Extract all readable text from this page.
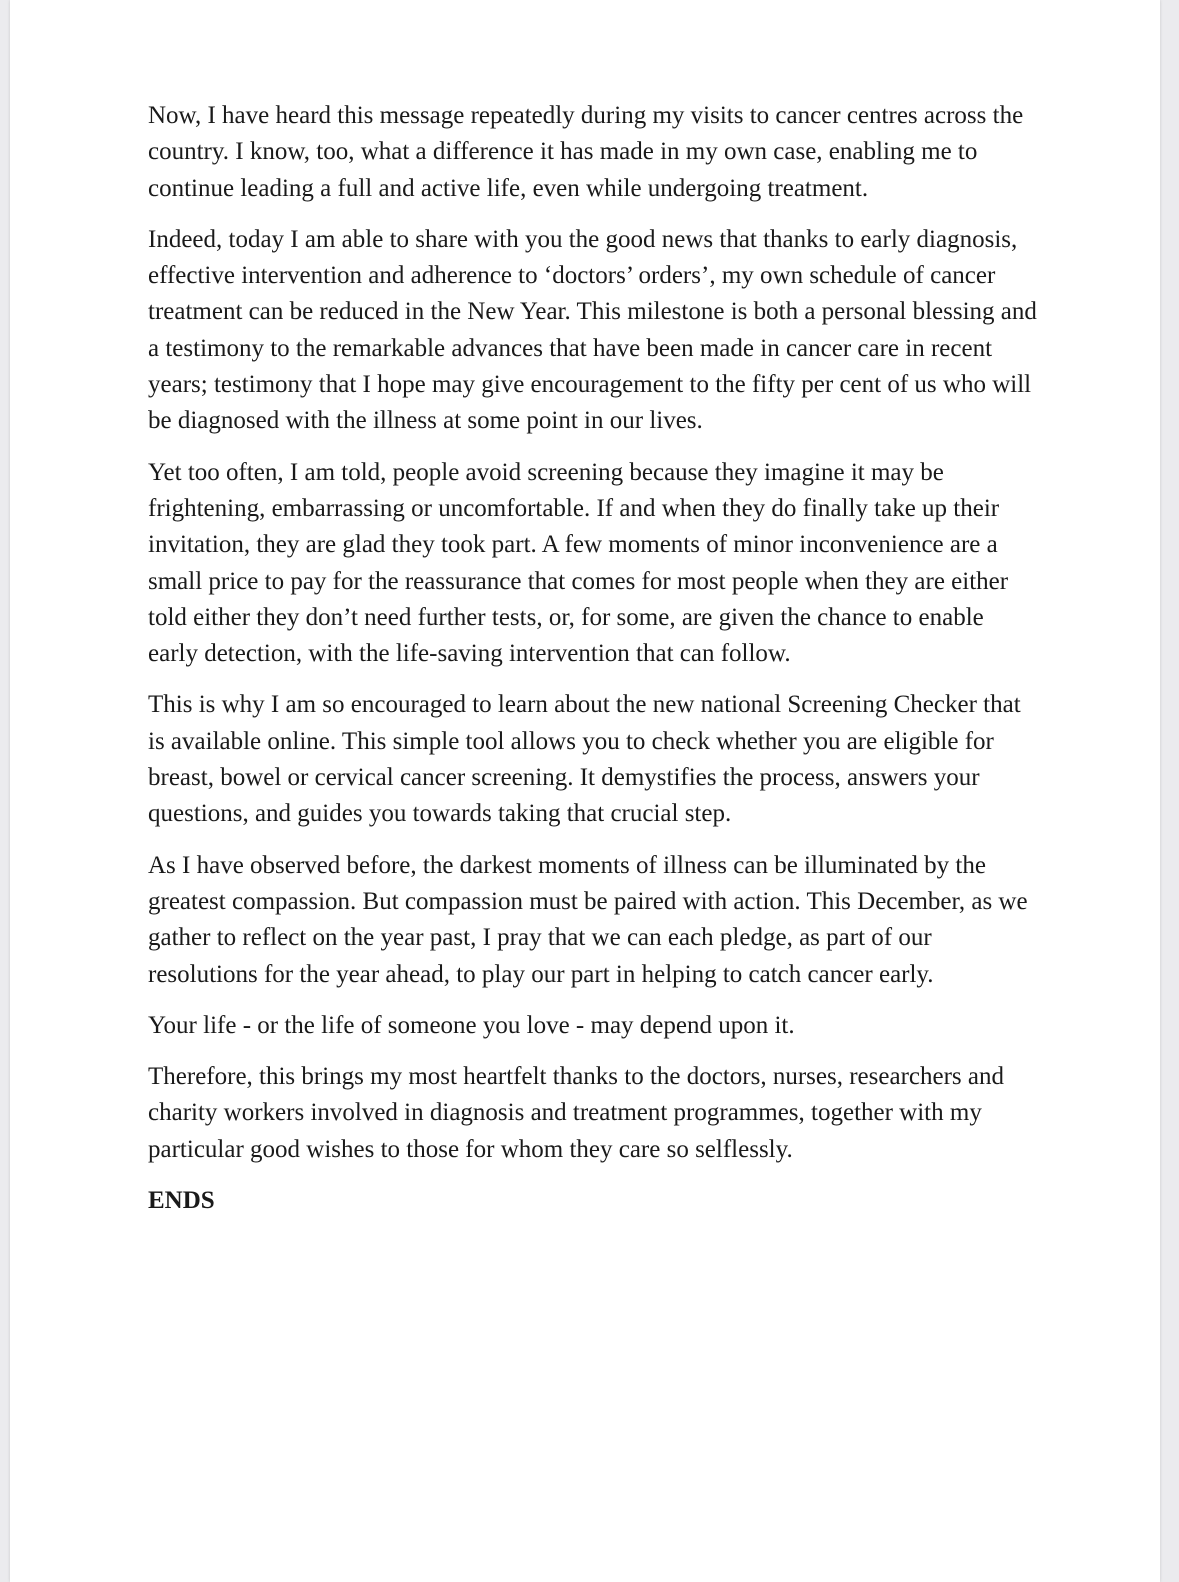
Now, I have heard this message repeatedly during my visits to cancer centres across the country. I know, too, what a difference it has made in my own case, enabling me to continue leading a full and active life, even while undergoing treatment.

Indeed, today I am able to share with you the good news that thanks to early diagnosis, effective intervention and adherence to ‘doctors’ orders’, my own schedule of cancer treatment can be reduced in the New Year. This milestone is both a personal blessing and a testimony to the remarkable advances that have been made in cancer care in recent years; testimony that I hope may give encouragement to the fifty per cent of us who will be diagnosed with the illness at some point in our lives.

Yet too often, I am told, people avoid screening because they imagine it may be frightening, embarrassing or uncomfortable. If and when they do finally take up their invitation, they are glad they took part. A few moments of minor inconvenience are a small price to pay for the reassurance that comes for most people when they are either told either they don’t need further tests, or, for some, are given the chance to enable early detection, with the life-saving intervention that can follow.

This is why I am so encouraged to learn about the new national Screening Checker that is available online. This simple tool allows you to check whether you are eligible for breast, bowel or cervical cancer screening. It demystifies the process, answers your questions, and guides you towards taking that crucial step.

As I have observed before, the darkest moments of illness can be illuminated by the greatest compassion. But compassion must be paired with action. This December, as we gather to reflect on the year past, I pray that we can each pledge, as part of our resolutions for the year ahead, to play our part in helping to catch cancer early.

Your life - or the life of someone you love - may depend upon it.

Therefore, this brings my most heartfelt thanks to the doctors, nurses, researchers and charity workers involved in diagnosis and treatment programmes, together with my particular good wishes to those for whom they care so selflessly.

ENDS
